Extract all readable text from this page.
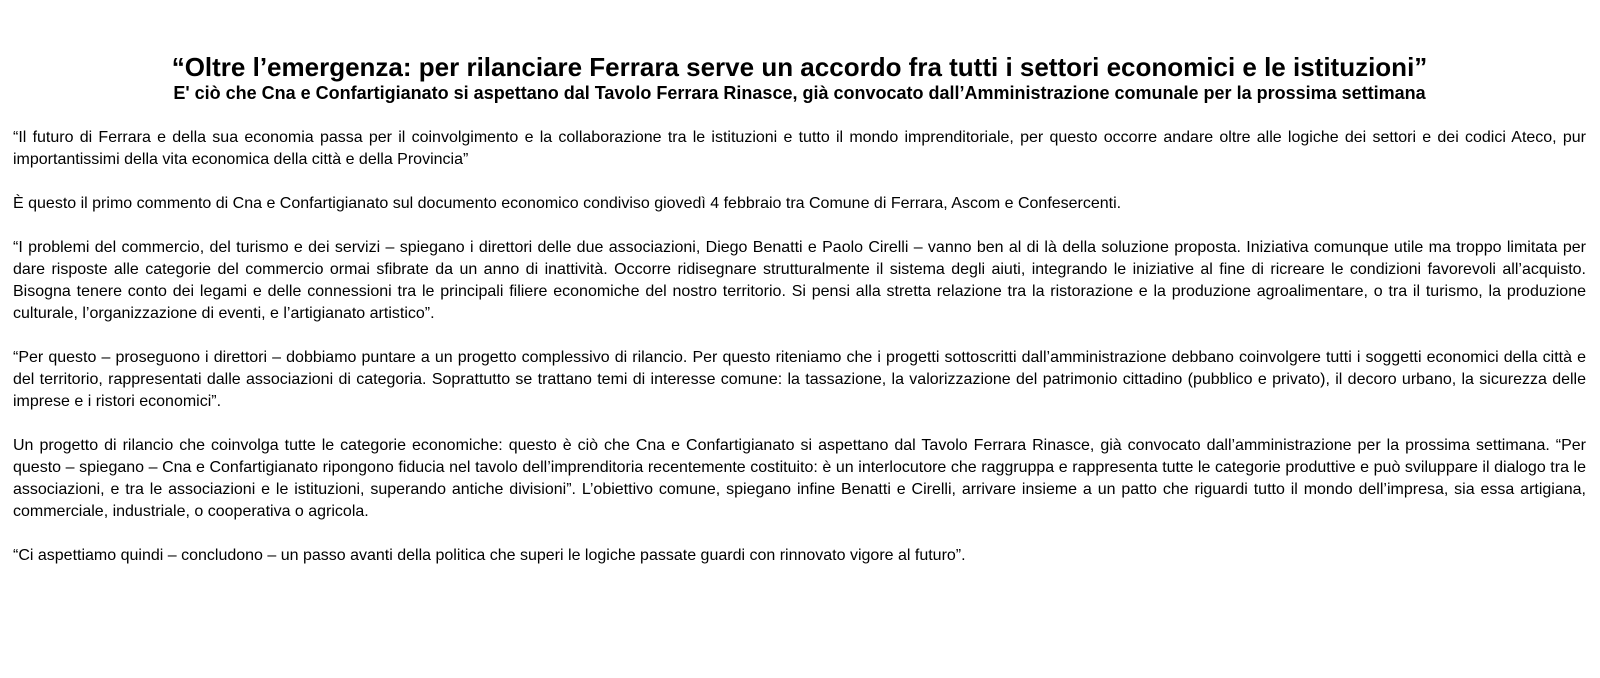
“Oltre l’emergenza: per rilanciare Ferrara serve un accordo fra tutti i settori economici e le istituzioni”
E' ciò che Cna e Confartigianato si aspettano dal Tavolo Ferrara Rinasce, già convocato dall’Amministrazione comunale per la prossima settimana

“Il futuro di Ferrara e della sua economia passa per il coinvolgimento e la collaborazione tra le istituzioni e tutto il mondo imprenditoriale, per questo occorre andare oltre alle logiche dei settori e dei codici Ateco, pur importantissimi della vita economica della città e della Provincia”

È questo il primo commento di Cna e Confartigianato sul documento economico condiviso giovedì 4 febbraio tra Comune di Ferrara, Ascom e Confesercenti.

“I problemi del commercio, del turismo e dei servizi – spiegano i direttori delle due associazioni, Diego Benatti e Paolo Cirelli – vanno ben al di là della soluzione proposta. Iniziativa comunque utile ma troppo limitata per dare risposte alle categorie del commercio ormai sfibrate da un anno di inattività. Occorre ridisegnare strutturalmente il sistema degli aiuti, integrando le iniziative al fine di ricreare le condizioni favorevoli all’acquisto. Bisogna tenere conto dei legami e delle connessioni tra le principali filiere economiche del nostro territorio. Si pensi alla stretta relazione tra la ristorazione e la produzione agroalimentare, o tra il turismo, la produzione culturale, l’organizzazione di eventi, e l’artigianato artistico”.

“Per questo – proseguono i direttori – dobbiamo puntare a un progetto complessivo di rilancio. Per questo riteniamo che i progetti sottoscritti dall’amministrazione debbano coinvolgere tutti i soggetti economici della città e del territorio, rappresentati dalle associazioni di categoria. Soprattutto se trattano temi di interesse comune: la tassazione, la valorizzazione del patrimonio cittadino (pubblico e privato), il decoro urbano, la sicurezza delle imprese e i ristori economici”.

Un progetto di rilancio che coinvolga tutte le categorie economiche: questo è ciò che Cna e Confartigianato si aspettano dal Tavolo Ferrara Rinasce, già convocato dall’amministrazione per la prossima settimana. “Per questo – spiegano – Cna e Confartigianato ripongono fiducia nel tavolo dell’imprenditoria recentemente costituito: è un interlocutore che raggruppa e rappresenta tutte le categorie produttive e può sviluppare il dialogo tra le associazioni, e tra le associazioni e le istituzioni, superando antiche divisioni”. L’obiettivo comune, spiegano infine Benatti e Cirelli, arrivare insieme a un patto che riguardi tutto il mondo dell’impresa, sia essa artigiana, commerciale, industriale, o cooperativa o agricola.

“Ci aspettiamo quindi – concludono – un passo avanti della politica che superi le logiche passate guardi con rinnovato vigore al futuro”.
